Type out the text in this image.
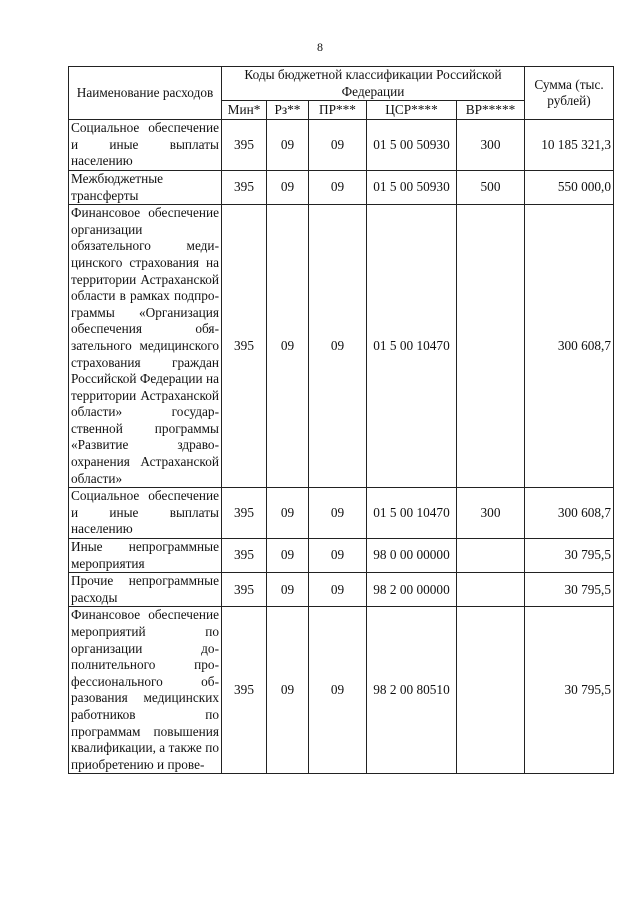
8
Наименование расходов	Коды бюджетной классификации Российской Федерации					Сумма (тыс. рублей)
	Мин*	Рз**	ПР***	ЦСР****	ВР*****	
Социальное обеспечение и иные выплаты населению	395	09	09	01 5 00 50930	300	10 185 321,3
Межбюджетные трансферты	395	09	09	01 5 00 50930	500	550 000,0
Финансовое обеспечение организации обязательного медицинского страхования на территории Астраханской области в рамках подпрограммы «Организация обеспечения обязательного медицинского страхования граждан Российской Федерации на территории Астраханской области» государственной программы «Развитие здравоохранения Астраханской области»	395	09	09	01 5 00 10470		300 608,7
Социальное обеспечение и иные выплаты населению	395	09	09	01 5 00 10470	300	300 608,7
Иные непрограммные мероприятия	395	09	09	98 0 00 00000		30 795,5
Прочие непрограммные расходы	395	09	09	98 2 00 00000		30 795,5
Финансовое обеспечение мероприятий по организации дополнительного профессионального образования медицинских работников по программам повышения квалификации, а также по приобретению и прове-	395	09	09	98 2 00 80510		30 795,5
